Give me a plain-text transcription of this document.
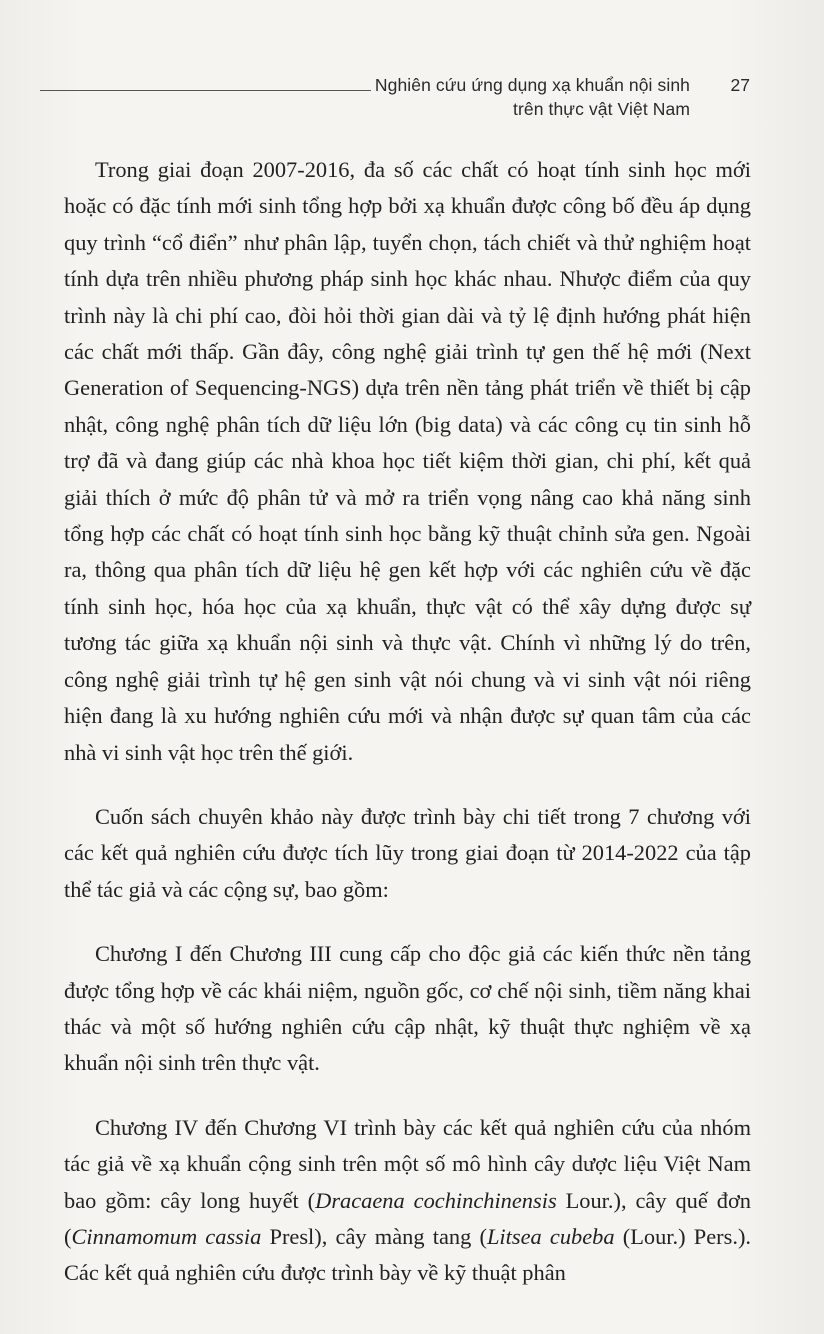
Nghiên cứu ứng dụng xạ khuẩn nội sinh
trên thực vật Việt Nam
27

Trong giai đoạn 2007-2016, đa số các chất có hoạt tính sinh học mới hoặc có đặc tính mới sinh tổng hợp bởi xạ khuẩn được công bố đều áp dụng quy trình “cổ điển” như phân lập, tuyển chọn, tách chiết và thử nghiệm hoạt tính dựa trên nhiều phương pháp sinh học khác nhau. Nhược điểm của quy trình này là chi phí cao, đòi hỏi thời gian dài và tỷ lệ định hướng phát hiện các chất mới thấp. Gần đây, công nghệ giải trình tự gen thế hệ mới (Next Generation of Sequencing-NGS) dựa trên nền tảng phát triển về thiết bị cập nhật, công nghệ phân tích dữ liệu lớn (big data) và các công cụ tin sinh hỗ trợ đã và đang giúp các nhà khoa học tiết kiệm thời gian, chi phí, kết quả giải thích ở mức độ phân tử và mở ra triển vọng nâng cao khả năng sinh tổng hợp các chất có hoạt tính sinh học bằng kỹ thuật chỉnh sửa gen. Ngoài ra, thông qua phân tích dữ liệu hệ gen kết hợp với các nghiên cứu về đặc tính sinh học, hóa học của xạ khuẩn, thực vật có thể xây dựng được sự tương tác giữa xạ khuẩn nội sinh và thực vật. Chính vì những lý do trên, công nghệ giải trình tự hệ gen sinh vật nói chung và vi sinh vật nói riêng hiện đang là xu hướng nghiên cứu mới và nhận được sự quan tâm của các nhà vi sinh vật học trên thế giới.

Cuốn sách chuyên khảo này được trình bày chi tiết trong 7 chương với các kết quả nghiên cứu được tích lũy trong giai đoạn từ 2014-2022 của tập thể tác giả và các cộng sự, bao gồm:

Chương I đến Chương III cung cấp cho độc giả các kiến thức nền tảng được tổng hợp về các khái niệm, nguồn gốc, cơ chế nội sinh, tiềm năng khai thác và một số hướng nghiên cứu cập nhật, kỹ thuật thực nghiệm về xạ khuẩn nội sinh trên thực vật.

Chương IV đến Chương VI trình bày các kết quả nghiên cứu của nhóm tác giả về xạ khuẩn cộng sinh trên một số mô hình cây dược liệu Việt Nam bao gồm: cây long huyết (Dracaena cochinchinensis Lour.), cây quế đơn (Cinnamomum cassia Presl), cây màng tang (Litsea cubeba (Lour.) Pers.). Các kết quả nghiên cứu được trình bày về kỹ thuật phân
